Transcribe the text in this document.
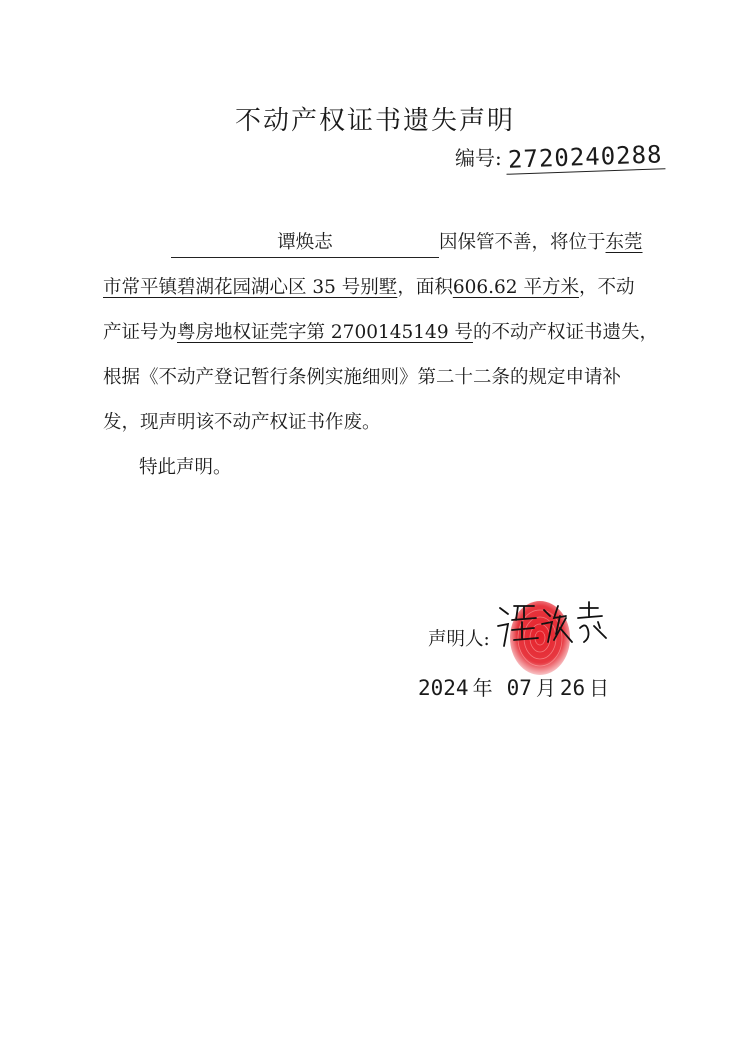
不动产权证书遗失声明
编号: 2720240288
谭焕志	因保管不善，将位于东莞
市常平镇碧湖花园湖心区 35 号别墅，面积606.62 平方米，不动
产证号为粤房地权证莞字第 2700145149 号的不动产权证书遗失，
根据《不动产登记暂行条例实施细则》第二十二条的规定申请补
发，现声明该不动产权证书作废。
特此声明。
声明人:
2024 年 07 月 26 日
